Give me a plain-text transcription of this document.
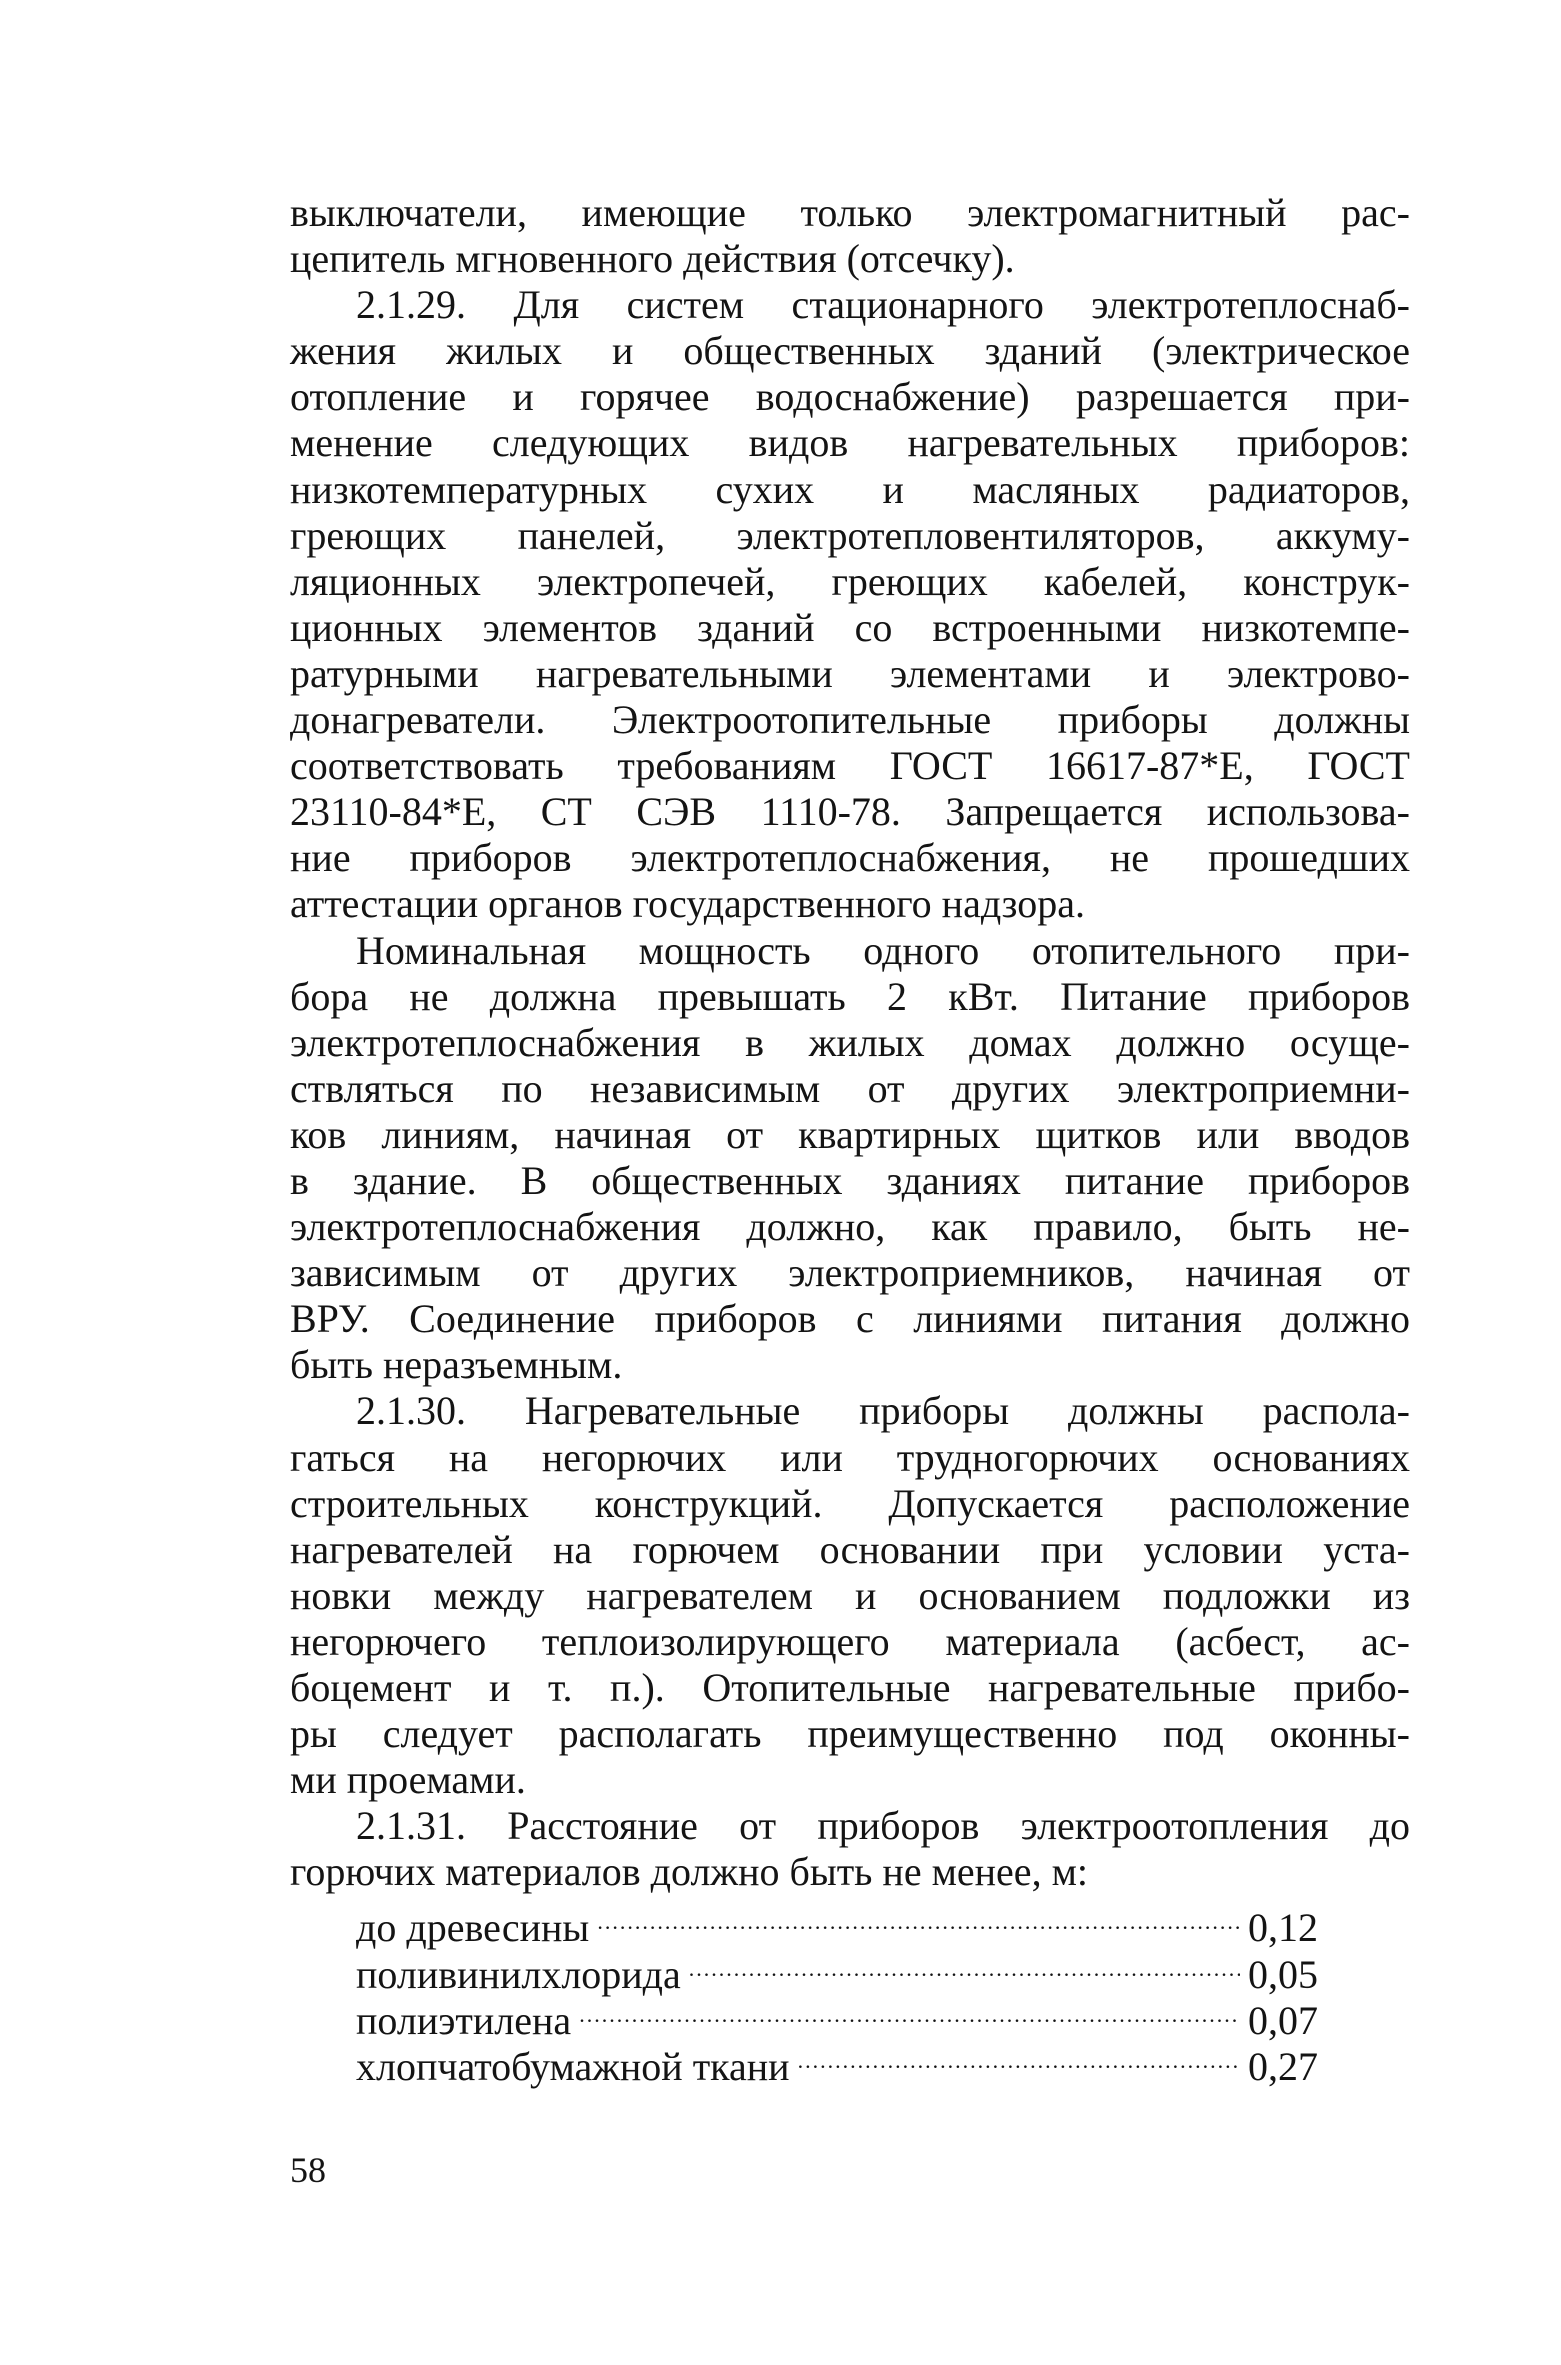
выключатели, имеющие только электромагнитный рас-
цепитель мгновенного действия (отсечку).
2.1.29. Для систем стационарного электротеплоснаб-
жения жилых и общественных зданий (электрическое
отопление и горячее водоснабжение) разрешается при-
менение следующих видов нагревательных приборов:
низкотемпературных сухих и масляных радиаторов,
греющих панелей, электротепловентиляторов, аккуму-
ляционных электропечей, греющих кабелей, конструк-
ционных элементов зданий со встроенными низкотемпе-
ратурными нагревательными элементами и электрово-
донагреватели. Электроотопительные приборы должны
соответствовать требованиям ГОСТ 16617-87*Е, ГОСТ
23110-84*Е, СТ СЭВ 1110-78. Запрещается использова-
ние приборов электротеплоснабжения, не прошедших
аттестации органов государственного надзора.
Номинальная мощность одного отопительного при-
бора не должна превышать 2 кВт. Питание приборов
электротеплоснабжения в жилых домах должно осуще-
ствляться по независимым от других электроприемни-
ков линиям, начиная от квартирных щитков или вводов
в здание. В общественных зданиях питание приборов
электротеплоснабжения должно, как правило, быть не-
зависимым от других электроприемников, начиная от
ВРУ. Соединение приборов с линиями питания должно
быть неразъемным.
2.1.30. Нагревательные приборы должны распола-
гаться на негорючих или трудногорючих основаниях
строительных конструкций. Допускается расположение
нагревателей на горючем основании при условии уста-
новки между нагревателем и основанием подложки из
негорючего теплоизолирующего материала (асбест, ас-
боцемент и т. п.). Отопительные нагревательные прибо-
ры следует располагать преимущественно под оконны-
ми проемами.
2.1.31. Расстояние от приборов электроотопления до
горючих материалов должно быть не менее, м:
до древесины .....	0,12
поливинилхлорида .....	0,05
полиэтилена .....	0,07
хлопчатобумажной ткани .....	0,27
58
